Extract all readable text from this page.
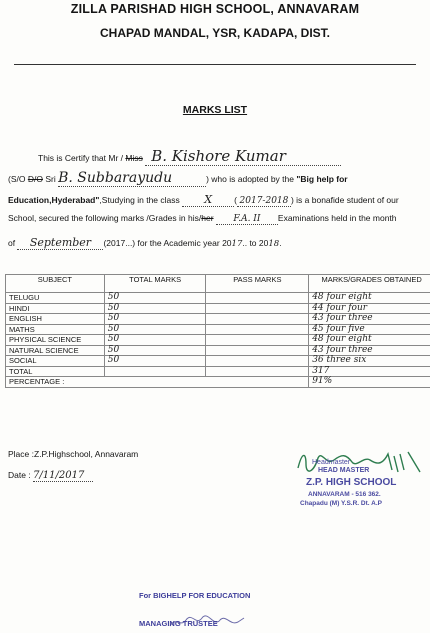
ZILLA PARISHAD HIGH SCHOOL, ANNAVARAM
CHAPAD MANDAL, YSR, KADAPA, DIST.
MARKS LIST
This is Certify that Mr / Miss B. Kishore Kumar
(S/O D/O Sri B. Subbarayudu	) who is adopted by the "Big help for
Education,Hyderabad",Studying in the class X	( 2017-2018 ) is a bonafide student of our
School, secured the following marks /Grades in his/her F.A. II Examinations held in the month
of September (2017...) for the Academic year 2017.. to 2018.
SUBJECT	TOTAL MARKS	PASS MARKS	MARKS/GRADES OBTAINED
TELUGU	50		48 four eight
HINDI	50		44 four four
ENGLISH	50		43 four three
MATHS	50		45 four five
PHYSICAL SCIENCE	50		48 four eight
NATURAL SCIENCE	50		43 four three
SOCIAL	50		36 three six
TOTAL			317
PERCENTAGE :			91%
Place :Z.P.Highschool, Annavaram
Date : 7/11/2017
Headmaster
HEAD MASTER
Z.P. HIGH SCHOOL
ANNAVARAM - 516 362.
Chapadu (M) Y.S.R. Dt. A.P
For BIGHELP FOR EDUCATION
MANAGING TRUSTEE
